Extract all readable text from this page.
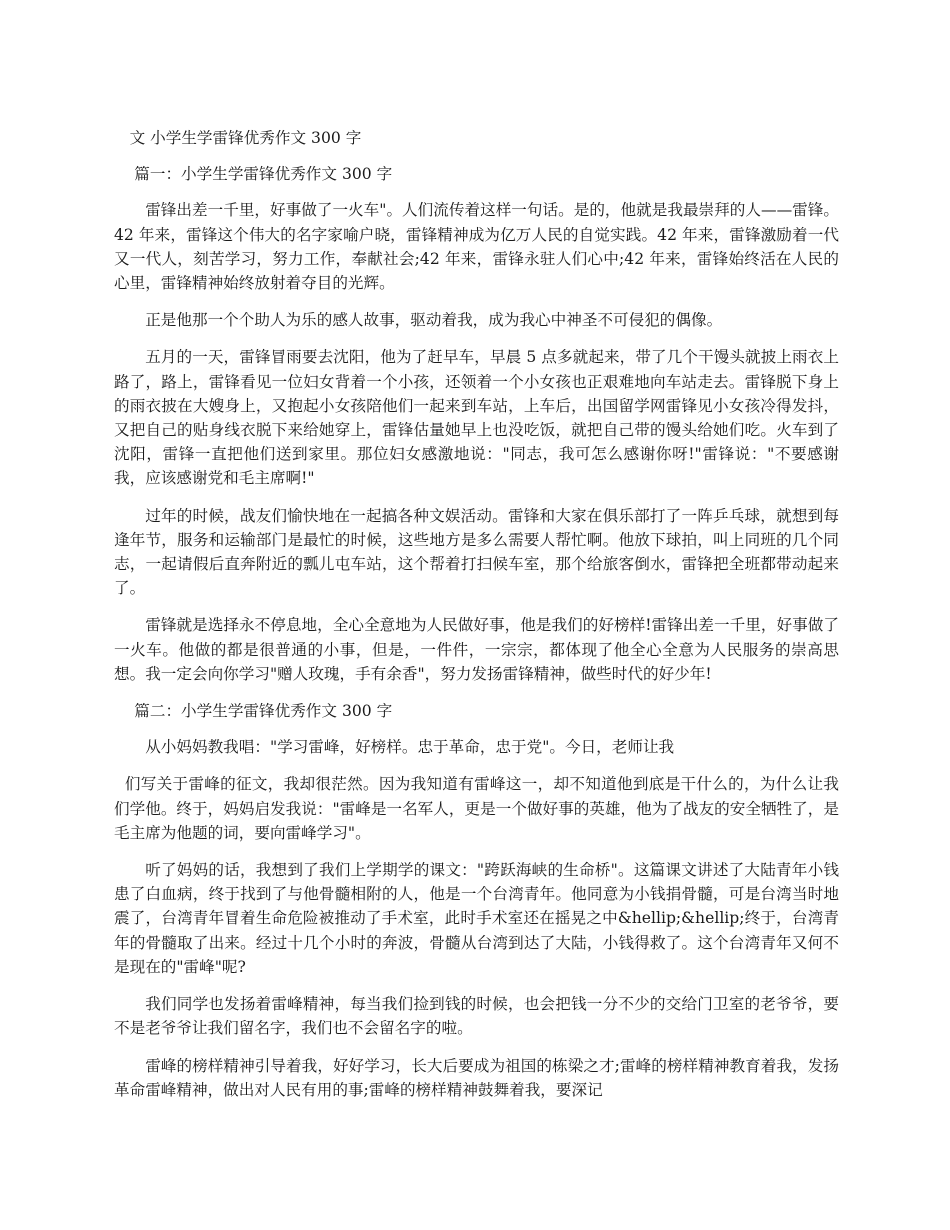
文 小学生学雷锋优秀作文 300 字

篇一：小学生学雷锋优秀作文 300 字

雷锋出差一千里，好事做了一火车"。人们流传着这样一句话。是的，他就是我最崇拜的人——雷锋。42 年来，雷锋这个伟大的名字家喻户晓，雷锋精神成为亿万人民的自觉实践。42 年来，雷锋激励着一代又一代人，刻苦学习，努力工作，奉献社会;42 年来，雷锋永驻人们心中;42 年来，雷锋始终活在人民的心里，雷锋精神始终放射着夺目的光辉。

正是他那一个个助人为乐的感人故事，驱动着我，成为我心中神圣不可侵犯的偶像。

五月的一天，雷锋冒雨要去沈阳，他为了赶早车，早晨 5 点多就起来，带了几个干馒头就披上雨衣上路了，路上，雷锋看见一位妇女背着一个小孩，还领着一个小女孩也正艰难地向车站走去。雷锋脱下身上的雨衣披在大嫂身上，又抱起小女孩陪他们一起来到车站，上车后，出国留学网雷锋见小女孩冷得发抖，又把自己的贴身线衣脱下来给她穿上，雷锋估量她早上也没吃饭，就把自己带的馒头给她们吃。火车到了沈阳，雷锋一直把他们送到家里。那位妇女感激地说："同志，我可怎么感谢你呀!"雷锋说："不要感谢我，应该感谢党和毛主席啊!"

过年的时候，战友们愉快地在一起搞各种文娱活动。雷锋和大家在俱乐部打了一阵乒乓球，就想到每逢年节，服务和运输部门是最忙的时候，这些地方是多么需要人帮忙啊。他放下球拍，叫上同班的几个同志，一起请假后直奔附近的瓢儿屯车站，这个帮着打扫候车室，那个给旅客倒水，雷锋把全班都带动起来了。

雷锋就是选择永不停息地，全心全意地为人民做好事，他是我们的好榜样!雷锋出差一千里，好事做了一火车。他做的都是很普通的小事，但是，一件件，一宗宗，都体现了他全心全意为人民服务的崇高思想。我一定会向你学习"赠人玫瑰，手有余香"，努力发扬雷锋精神，做些时代的好少年!

篇二：小学生学雷锋优秀作文 300 字

从小妈妈教我唱："学习雷峰，好榜样。忠于革命，忠于党"。今日，老师让我

们写关于雷峰的征文，我却很茫然。因为我知道有雷峰这一，却不知道他到底是干什么的，为什么让我们学他。终于，妈妈启发我说："雷峰是一名军人，更是一个做好事的英雄，他为了战友的安全牺牲了，是毛主席为他题的词，要向雷峰学习"。

听了妈妈的话，我想到了我们上学期学的课文："跨跃海峡的生命桥"。这篇课文讲述了大陆青年小钱患了白血病，终于找到了与他骨髓相附的人，他是一个台湾青年。他同意为小钱捐骨髓，可是台湾当时地震了，台湾青年冒着生命危险被推动了手术室，此时手术室还在摇晃之中&hellip;&hellip;终于，台湾青年的骨髓取了出来。经过十几个小时的奔波，骨髓从台湾到达了大陆，小钱得救了。这个台湾青年又何不是现在的"雷峰"呢?

我们同学也发扬着雷峰精神，每当我们捡到钱的时候，也会把钱一分不少的交给门卫室的老爷爷，要不是老爷爷让我们留名字，我们也不会留名字的啦。

雷峰的榜样精神引导着我，好好学习，长大后要成为祖国的栋梁之才;雷峰的榜样精神教育着我，发扬革命雷峰精神，做出对人民有用的事;雷峰的榜样精神鼓舞着我，要深记
